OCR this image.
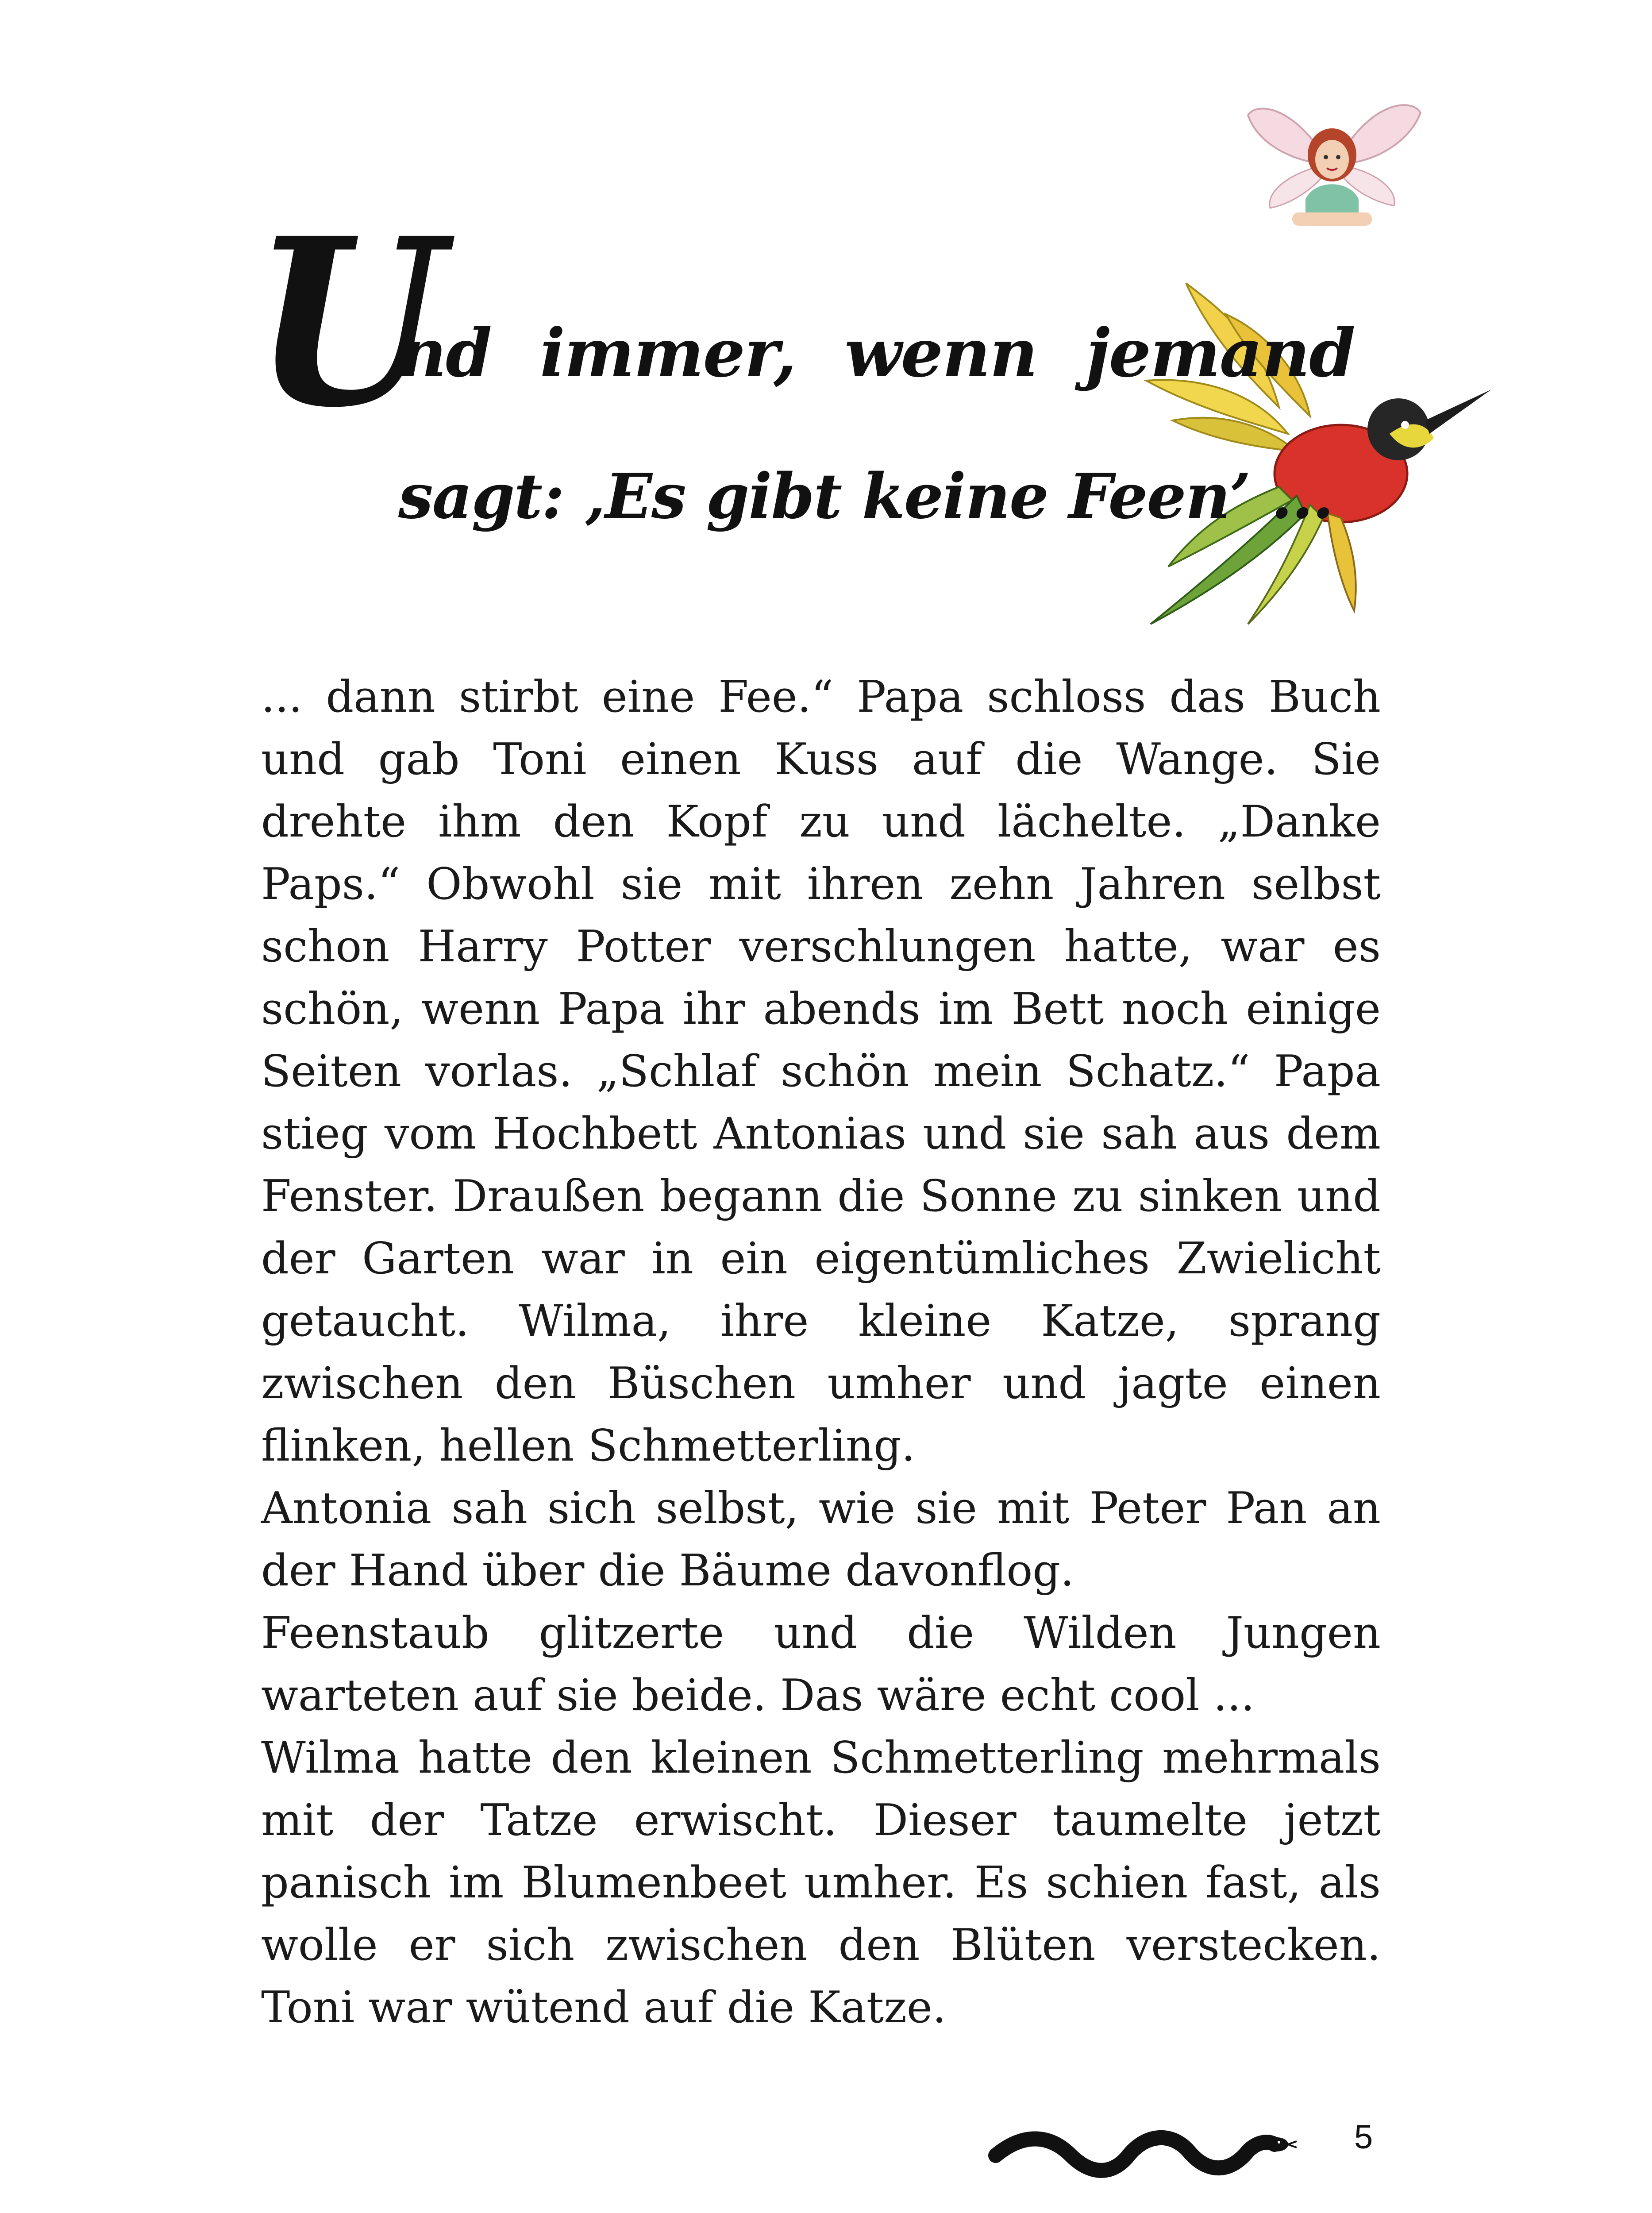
U
nd immer, wenn jemand
sagt: ‚Es gibt keine Feen’ ...

... dann stirbt eine Fee.“ Papa schloss das Buch und gab Toni einen Kuss auf die Wange. Sie drehte ihm den Kopf zu und lächelte. „Danke Paps.“ Obwohl sie mit ihren zehn Jahren selbst schon Harry Potter verschlungen hatte, war es schön, wenn Papa ihr abends im Bett noch einige Seiten vorlas. „Schlaf schön mein Schatz.“ Papa stieg vom Hochbett Antonias und sie sah aus dem Fenster. Draußen begann die Sonne zu sinken und der Garten war in ein eigentümliches Zwielicht getaucht. Wilma, ihre kleine Katze, sprang zwischen den Büschen umher und jagte einen flinken, hellen Schmetterling.

Antonia sah sich selbst, wie sie mit Peter Pan an der Hand über die Bäume davonflog.

Feenstaub glitzerte und die Wilden Jungen warteten auf sie beide. Das wäre echt cool ...

Wilma hatte den kleinen Schmetterling mehrmals mit der Tatze erwischt. Dieser taumelte jetzt panisch im Blumenbeet umher. Es schien fast, als wolle er sich zwischen den Blüten verstecken. Toni war wütend auf die Katze.

5
